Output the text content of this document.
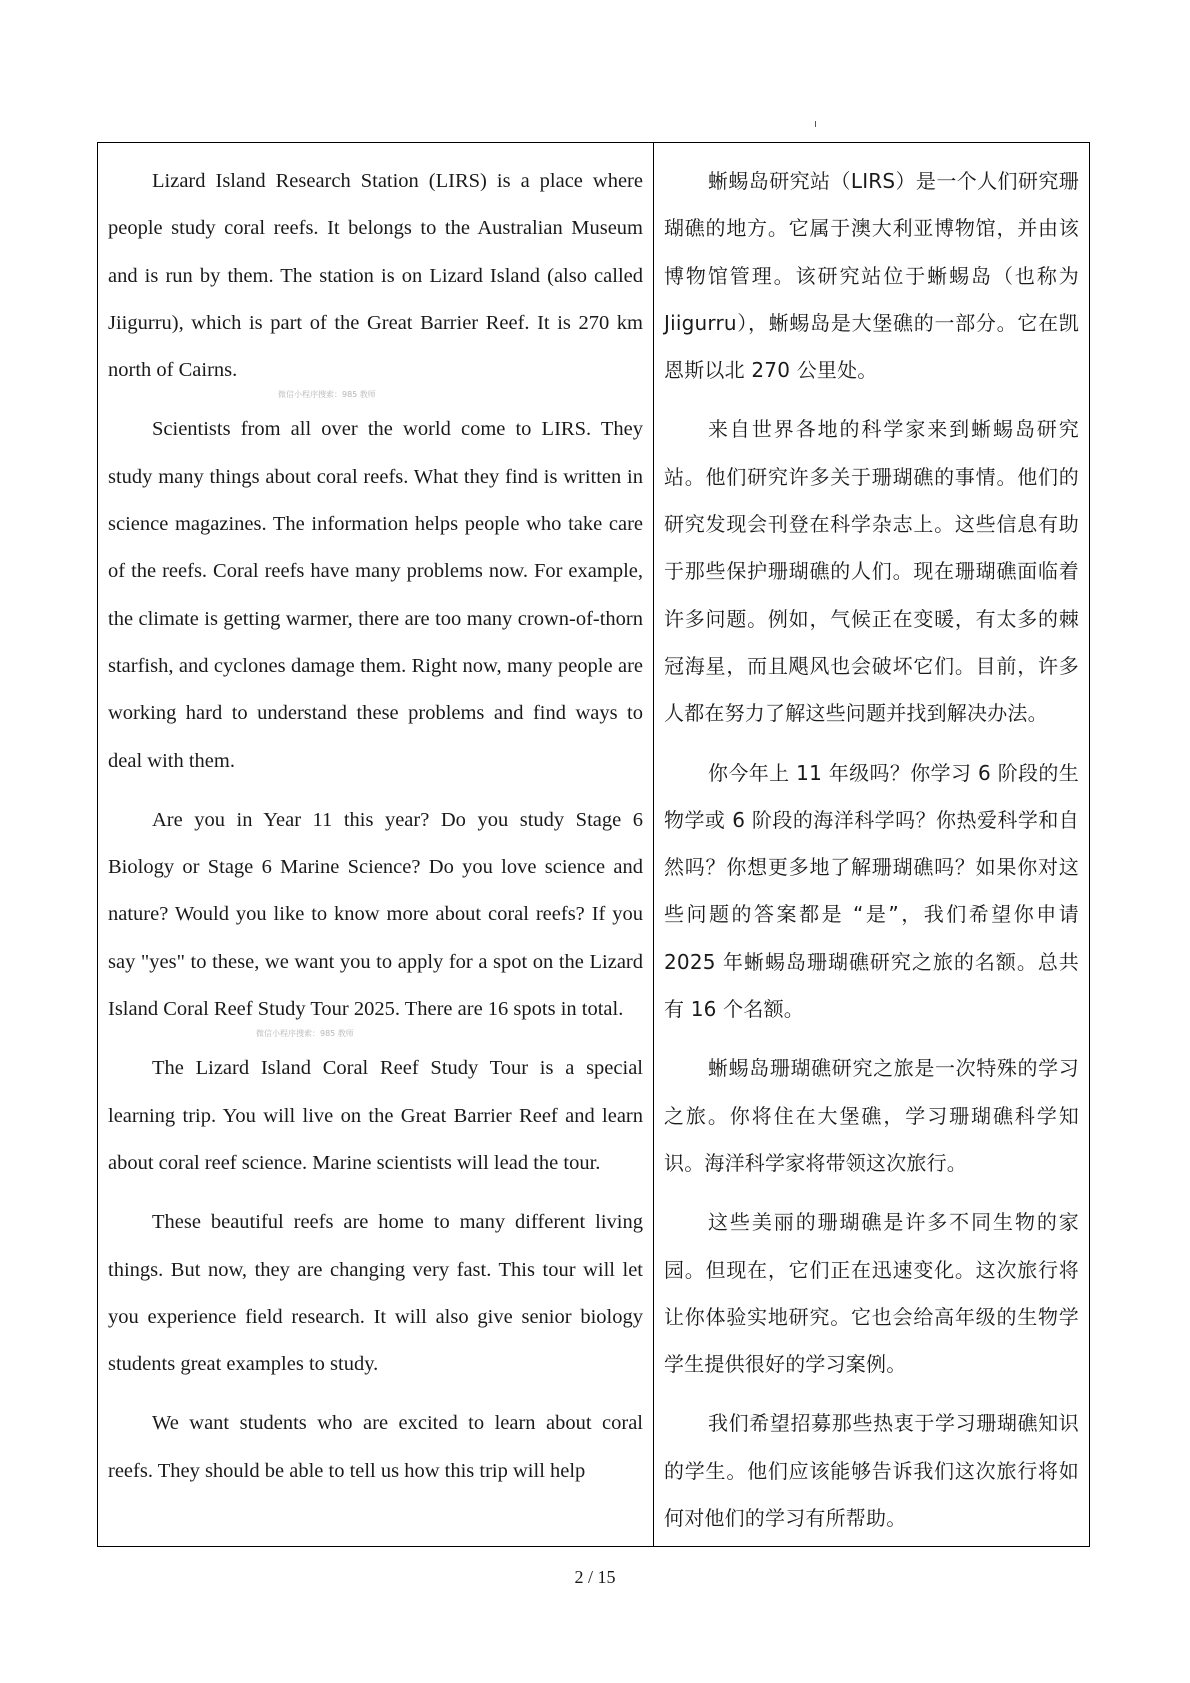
Lizard Island Research Station (LIRS) is a place where people study coral reefs. It belongs to the Australian Museum and is run by them. The station is on Lizard Island (also called Jiigurru), which is part of the Great Barrier Reef. It is 270 km north of Cairns.

微信小程序搜索：985 教师

Scientists from all over the world come to LIRS. They study many things about coral reefs. What they find is written in science magazines. The information helps people who take care of the reefs. Coral reefs have many problems now. For example, the climate is getting warmer, there are too many crown-of-thorn starfish, and cyclones damage them. Right now, many people are working hard to understand these problems and find ways to deal with them.

Are you in Year 11 this year? Do you study Stage 6 Biology or Stage 6 Marine Science? Do you love science and nature? Would you like to know more about coral reefs? If you say "yes" to these, we want you to apply for a spot on the Lizard Island Coral Reef Study Tour 2025. There are 16 spots in total.

微信小程序搜索：985 教师

The Lizard Island Coral Reef Study Tour is a special learning trip. You will live on the Great Barrier Reef and learn about coral reef science. Marine scientists will lead the tour.

These beautiful reefs are home to many different living things. But now, they are changing very fast. This tour will let you experience field research. It will also give senior biology students great examples to study.

We want students who are excited to learn about coral reefs. They should be able to tell us how this trip will help

蜥蜴岛研究站（LIRS）是一个人们研究珊瑚礁的地方。它属于澳大利亚博物馆，并由该博物馆管理。该研究站位于蜥蜴岛（也称为 Jiigurru），蜥蜴岛是大堡礁的一部分。它在凯恩斯以北 270 公里处。

来自世界各地的科学家来到蜥蜴岛研究站。他们研究许多关于珊瑚礁的事情。他们的研究发现会刊登在科学杂志上。这些信息有助于那些保护珊瑚礁的人们。现在珊瑚礁面临着许多问题。例如，气候正在变暖，有太多的棘冠海星，而且飓风也会破坏它们。目前，许多人都在努力了解这些问题并找到解决办法。

你今年上 11 年级吗？你学习 6 阶段的生物学或 6 阶段的海洋科学吗？你热爱科学和自然吗？你想更多地了解珊瑚礁吗？如果你对这些问题的答案都是 “是”，我们希望你申请 2025 年蜥蜴岛珊瑚礁研究之旅的名额。总共有 16 个名额。

蜥蜴岛珊瑚礁研究之旅是一次特殊的学习之旅。你将住在大堡礁，学习珊瑚礁科学知识。海洋科学家将带领这次旅行。

这些美丽的珊瑚礁是许多不同生物的家园。但现在，它们正在迅速变化。这次旅行将让你体验实地研究。它也会给高年级的生物学学生提供很好的学习案例。

我们希望招募那些热衷于学习珊瑚礁知识的学生。他们应该能够告诉我们这次旅行将如何对他们的学习有所帮助。

2 / 15
